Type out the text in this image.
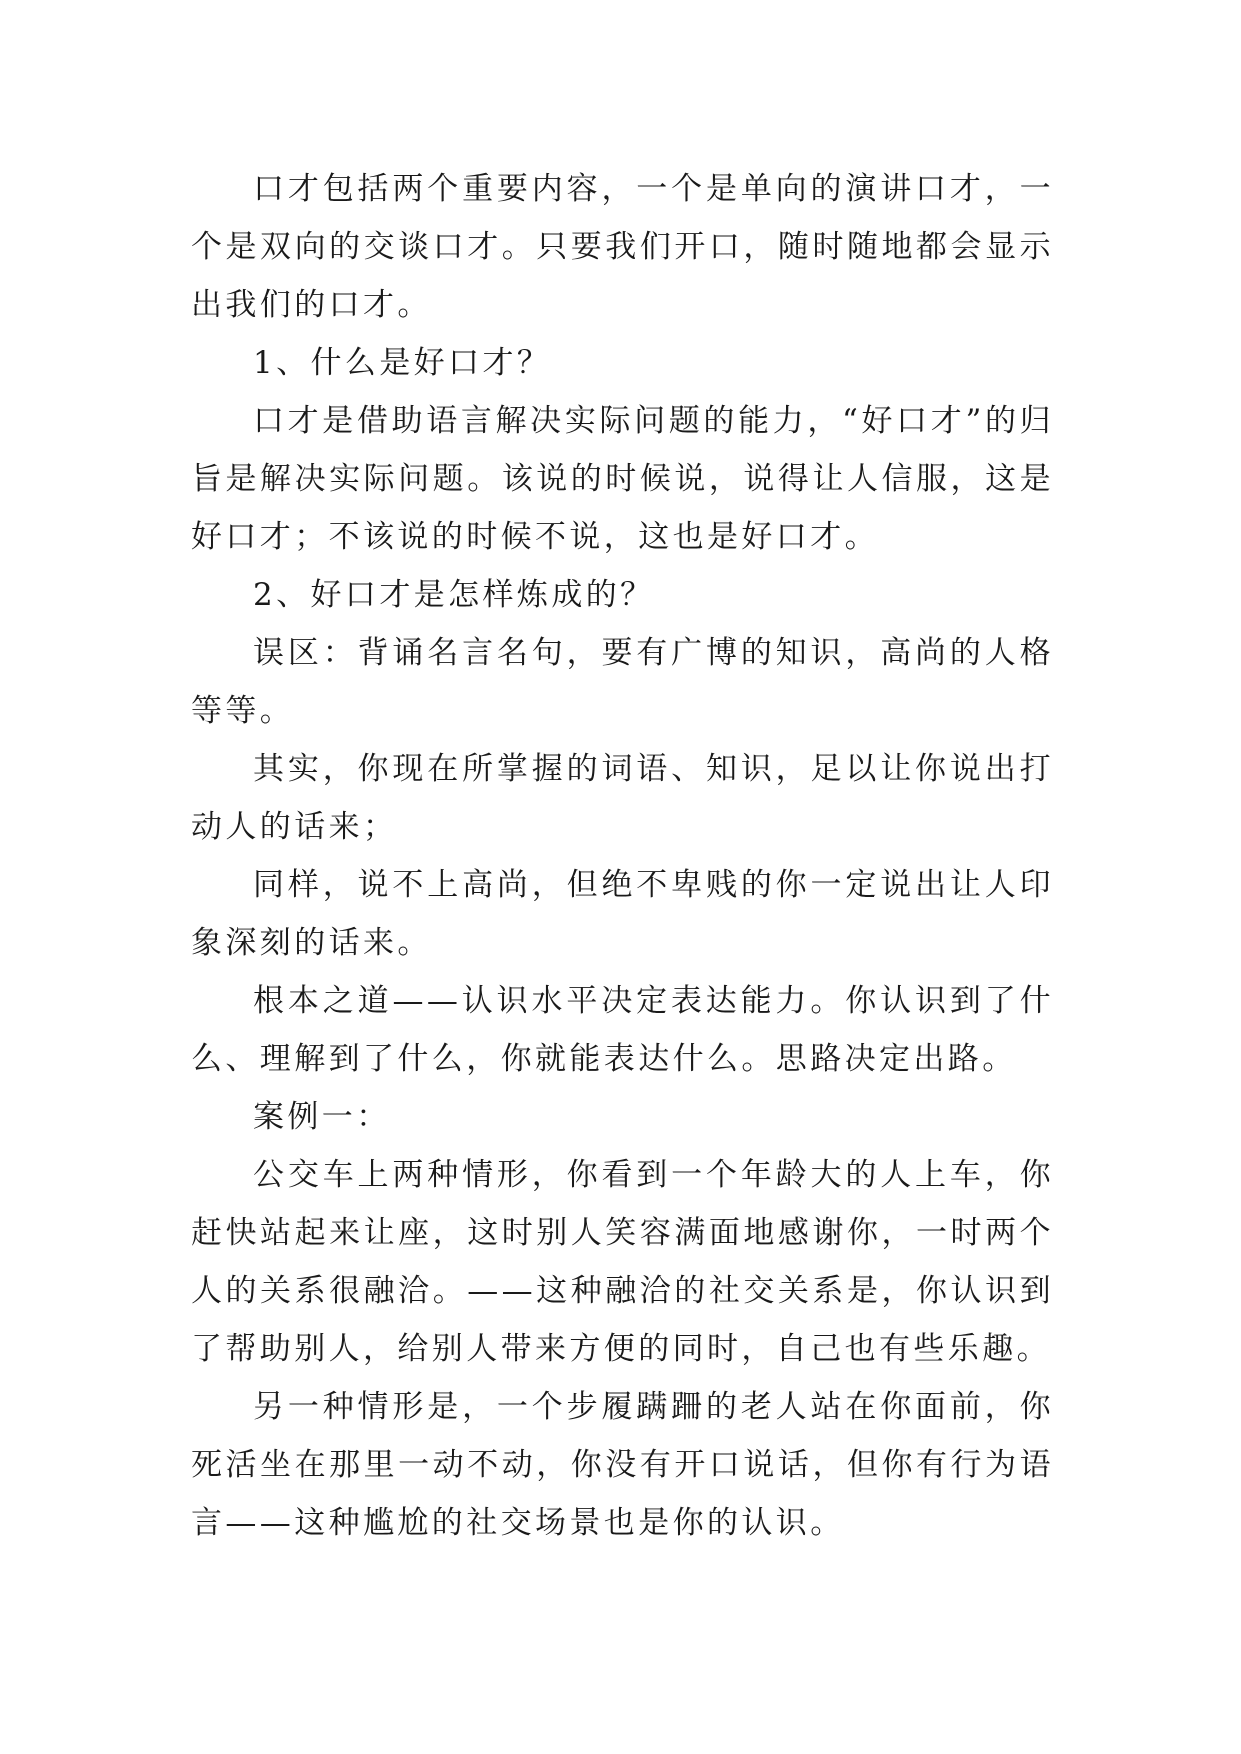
口才包括两个重要内容，一个是单向的演讲口才，一个是双向的交谈口才。只要我们开口，随时随地都会显示出我们的口才。

1、什么是好口才？

口才是借助语言解决实际问题的能力，“好口才”的归旨是解决实际问题。该说的时候说，说得让人信服，这是好口才；不该说的时候不说，这也是好口才。

2、好口才是怎样炼成的？

误区：背诵名言名句，要有广博的知识，高尚的人格等等。

其实，你现在所掌握的词语、知识，足以让你说出打动人的话来；

同样，说不上高尚，但绝不卑贱的你一定说出让人印象深刻的话来。

根本之道——认识水平决定表达能力。你认识到了什么、理解到了什么，你就能表达什么。思路决定出路。

案例一：

公交车上两种情形，你看到一个年龄大的人上车，你赶快站起来让座，这时别人笑容满面地感谢你，一时两个人的关系很融洽。——这种融洽的社交关系是，你认识到了帮助别人，给别人带来方便的同时，自己也有些乐趣。

另一种情形是，一个步履蹒跚的老人站在你面前，你死活坐在那里一动不动，你没有开口说话，但你有行为语言——这种尴尬的社交场景也是你的认识。
